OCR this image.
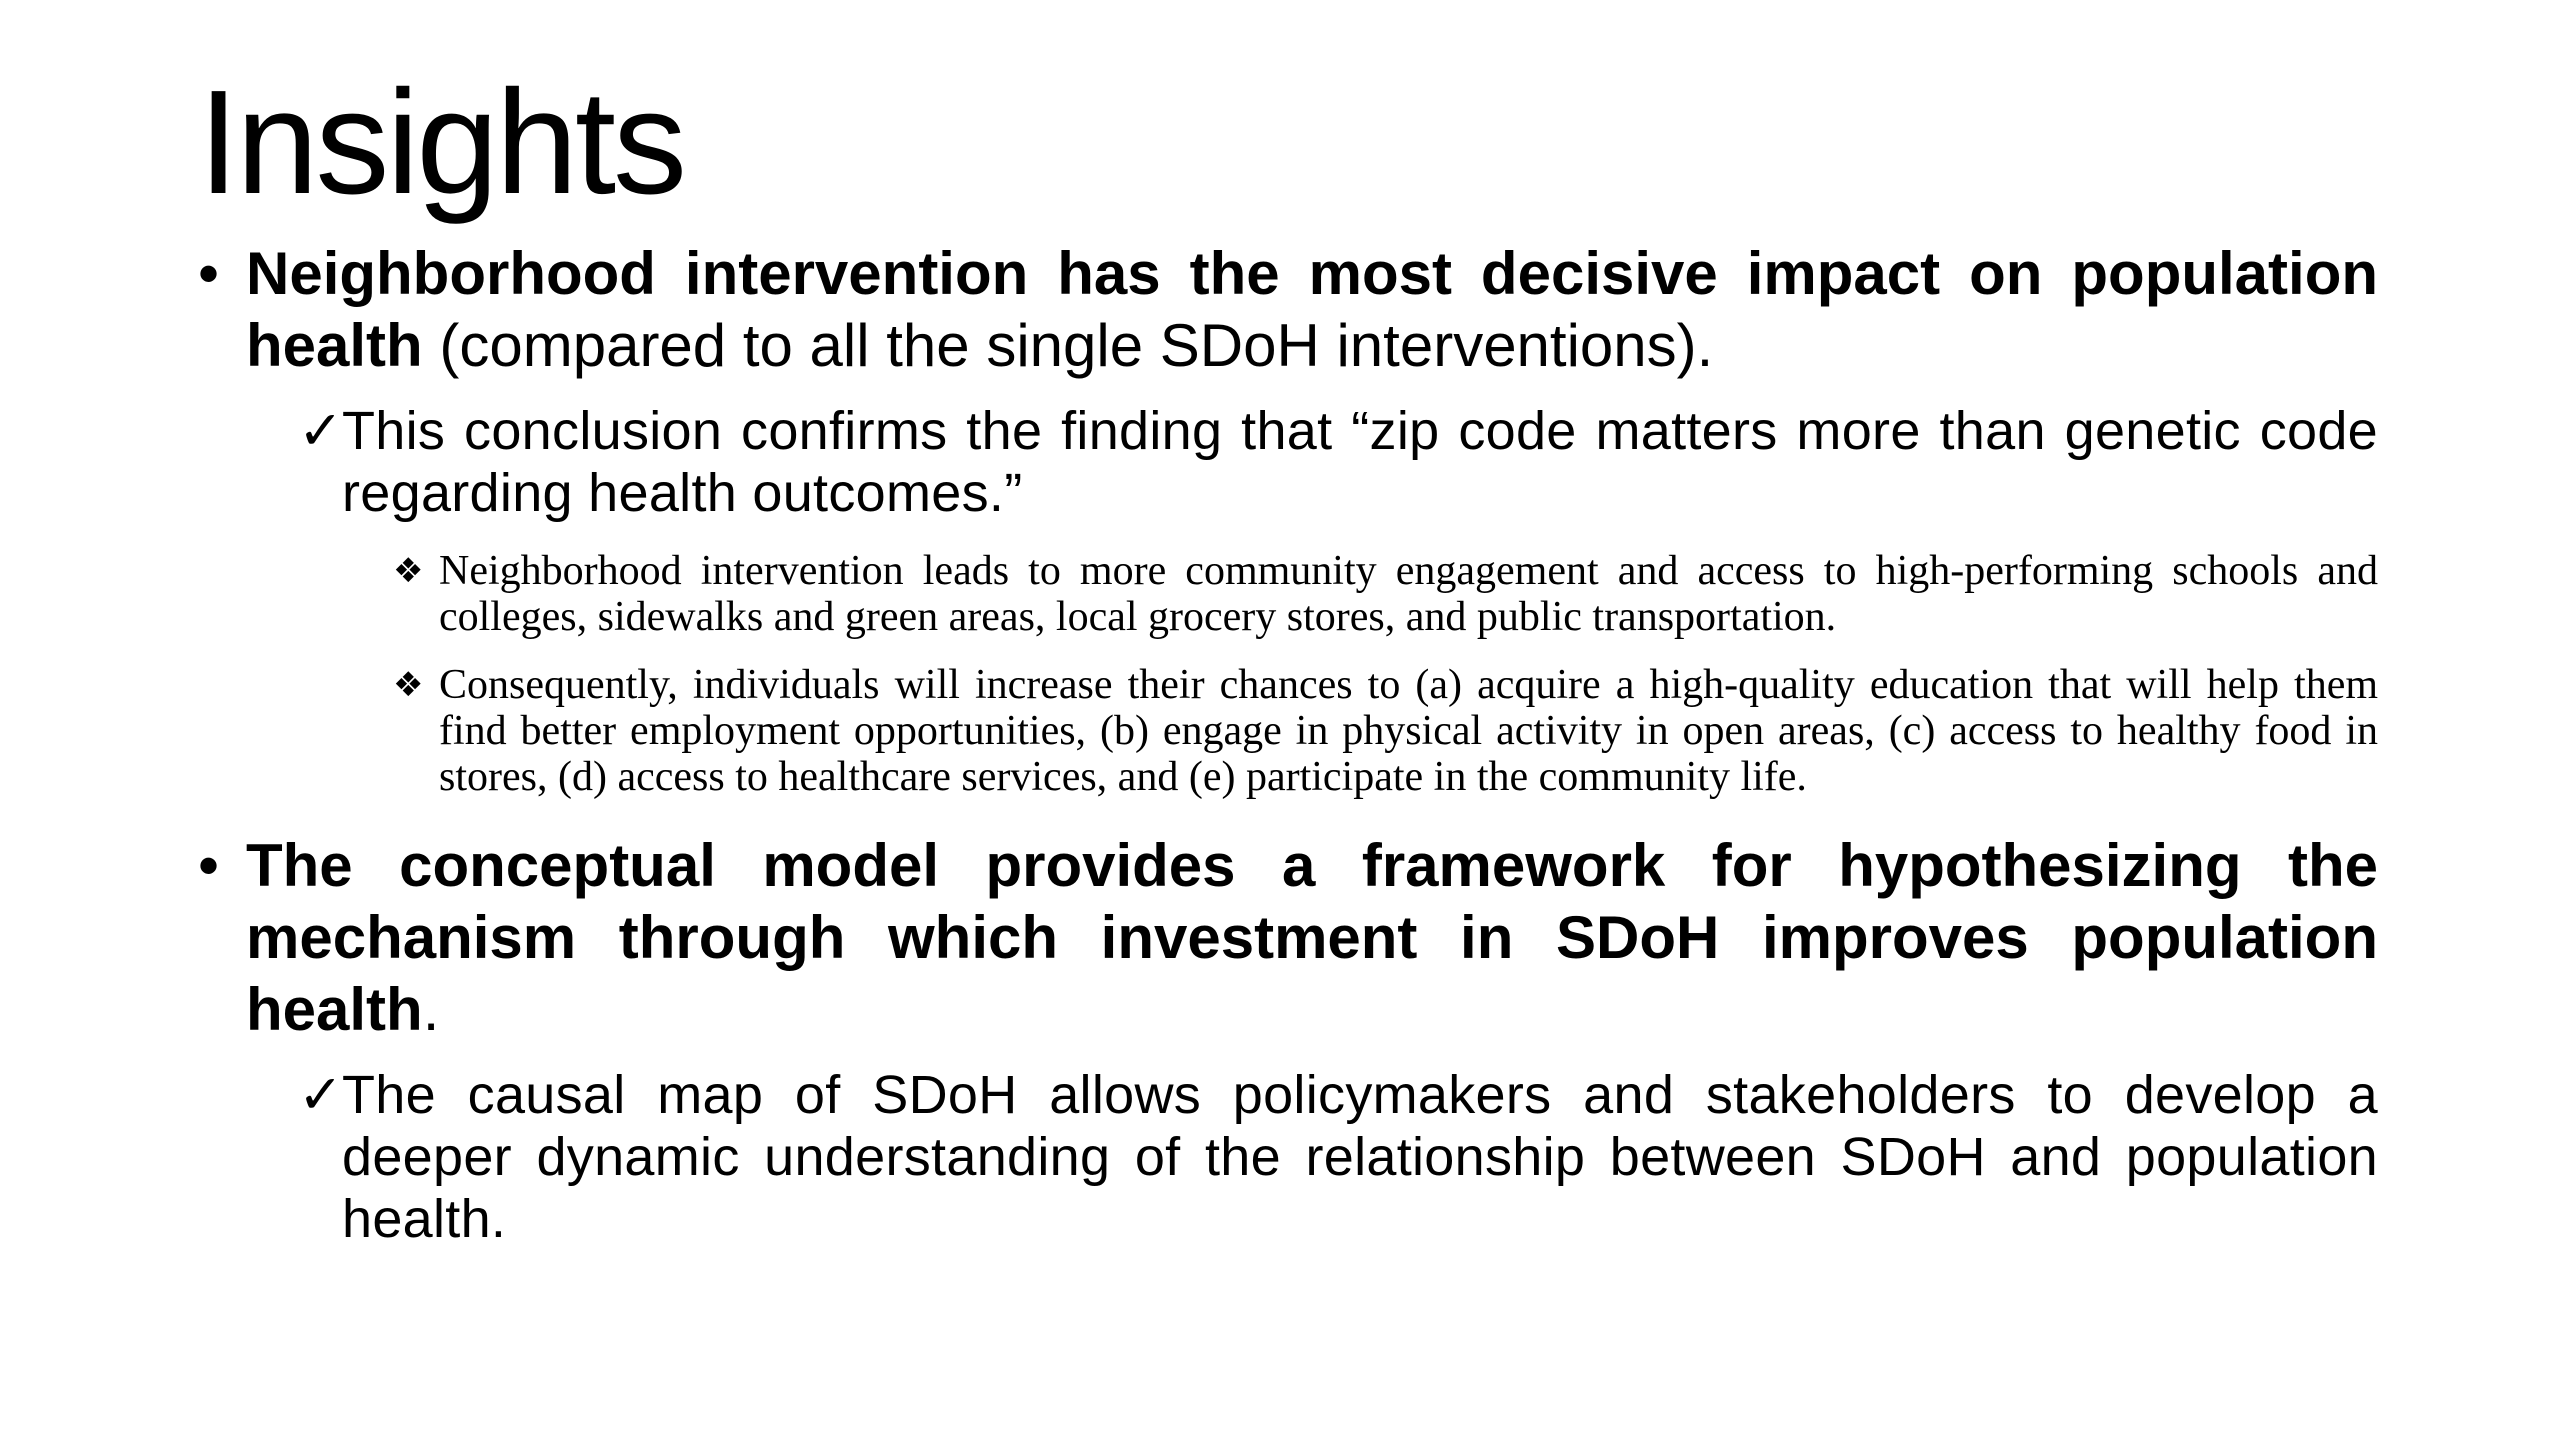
Insights
• Neighborhood intervention has the most decisive impact on population health (compared to all the single SDoH interventions).
✓
This conclusion confirms the finding that “zip code matters more than genetic code regarding health outcomes.”
❖ Neighborhood intervention leads to more community engagement and access to high-performing schools and colleges, sidewalks and green areas, local grocery stores, and public transportation.
❖ Consequently, individuals will increase their chances to (a) acquire a high-quality education that will help them find better employment opportunities, (b) engage in physical activity in open areas, (c) access to healthy food in stores, (d) access to healthcare services, and (e) participate in the community life.
• The conceptual model provides a framework for hypothesizing the mechanism through which investment in SDoH improves population health.
✓
The causal map of SDoH allows policymakers and stakeholders to develop a deeper dynamic understanding of the relationship between SDoH and population health.
